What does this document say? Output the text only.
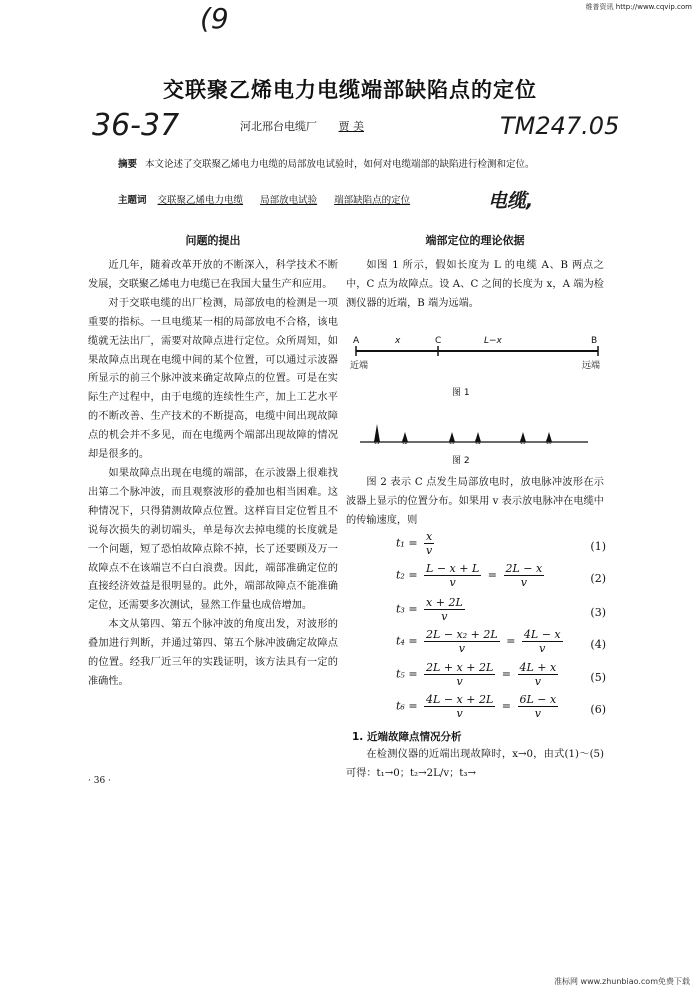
(9	维普资讯 http://www.cqvip.com
交联聚乙烯电力电缆端部缺陷点的定位
36-37	河北邢台电缆厂 贾 美	TM247.05
摘要 本文论述了交联聚乙烯电力电缆的局部放电试验时，如何对电缆端部的缺陷进行检测和定位。
主题词 交联聚乙烯电力电缆 局部放电试验 端部缺陷点的定位	电缆,
问题的提出

近几年，随着改革开放的不断深入，科学技术不断发展，交联聚乙烯电力电缆已在我国大量生产和应用。

对于交联电缆的出厂检测，局部放电的检测是一项重要的指标。一旦电缆某一相的局部放电不合格，该电缆就无法出厂，需要对故障点进行定位。众所周知，如果故障点出现在电缆中间的某个位置，可以通过示波器所显示的前三个脉冲波来确定故障点的位置。可是在实际生产过程中，由于电缆的连续性生产，加上工艺水平的不断改善、生产技术的不断提高，电缆中间出现故障点的机会并不多见，而在电缆两个端部出现故障的情况却是很多的。

如果故障点出现在电缆的端部，在示波器上很难找出第二个脉冲波，而且观察波形的叠加也相当困难。这种情况下，只得猜测故障点位置。这样盲目定位暂且不说每次损失的剥切端头，单是每次去掉电缆的长度就是一个问题，短了恐怕故障点除不掉，长了还要顾及万一故障点不在该端岂不白白浪费。因此，端部准确定位的直接经济效益是很明显的。此外，端部故障点不能准确定位，还需要多次测试，显然工作量也成倍增加。

本文从第四、第五个脉冲波的角度出发，对波形的叠加进行判断，并通过第四、第五个脉冲波确定故障点的位置。经我厂近三年的实践证明，该方法具有一定的准确性。

· 36 ·
端部定位的理论依据

如图 1 所示，假如长度为 L 的电缆 A、B 两点之中，C 点为故障点。设 A、C 之间的长度为 x，A 端为检测仪器的近端，B 端为远端。

A	x	C	L−x	B
近端	远端
图 1
t₁	t₂	t₃	t₄	t₅	t₆
图 2

图 2 表示 C 点发生局部放电时，放电脉冲波形在示波器上显示的位置分布。如果用 v 表示放电脉冲在电缆中的传输速度，则

$t_1 = \frac{x}{v}$	(1)
$t_2 = \frac{L - x + L}{v} = \frac{2L - x}{v}$	(2)
$t_3 = \frac{x + 2L}{v}$	(3)
$t_4 = \frac{\text{2L − x₂ + 2L}}{v} = \frac{4L - x}{v}$	(4)
$t_5 = \frac{2L + x + 2L}{v} = \frac{4L + x}{v}$	(5)
$t_6 = \frac{4L - x + 2L}{v} = \frac{6L - x}{v}$	(6)
1. 近端故障点情况分析

在检测仪器的近端出现故障时，x→0，由式(1)～(5)可得：t₁→0；t₂→2L/v；t₃→

准标网 www.zhunbiao.com免费下载
